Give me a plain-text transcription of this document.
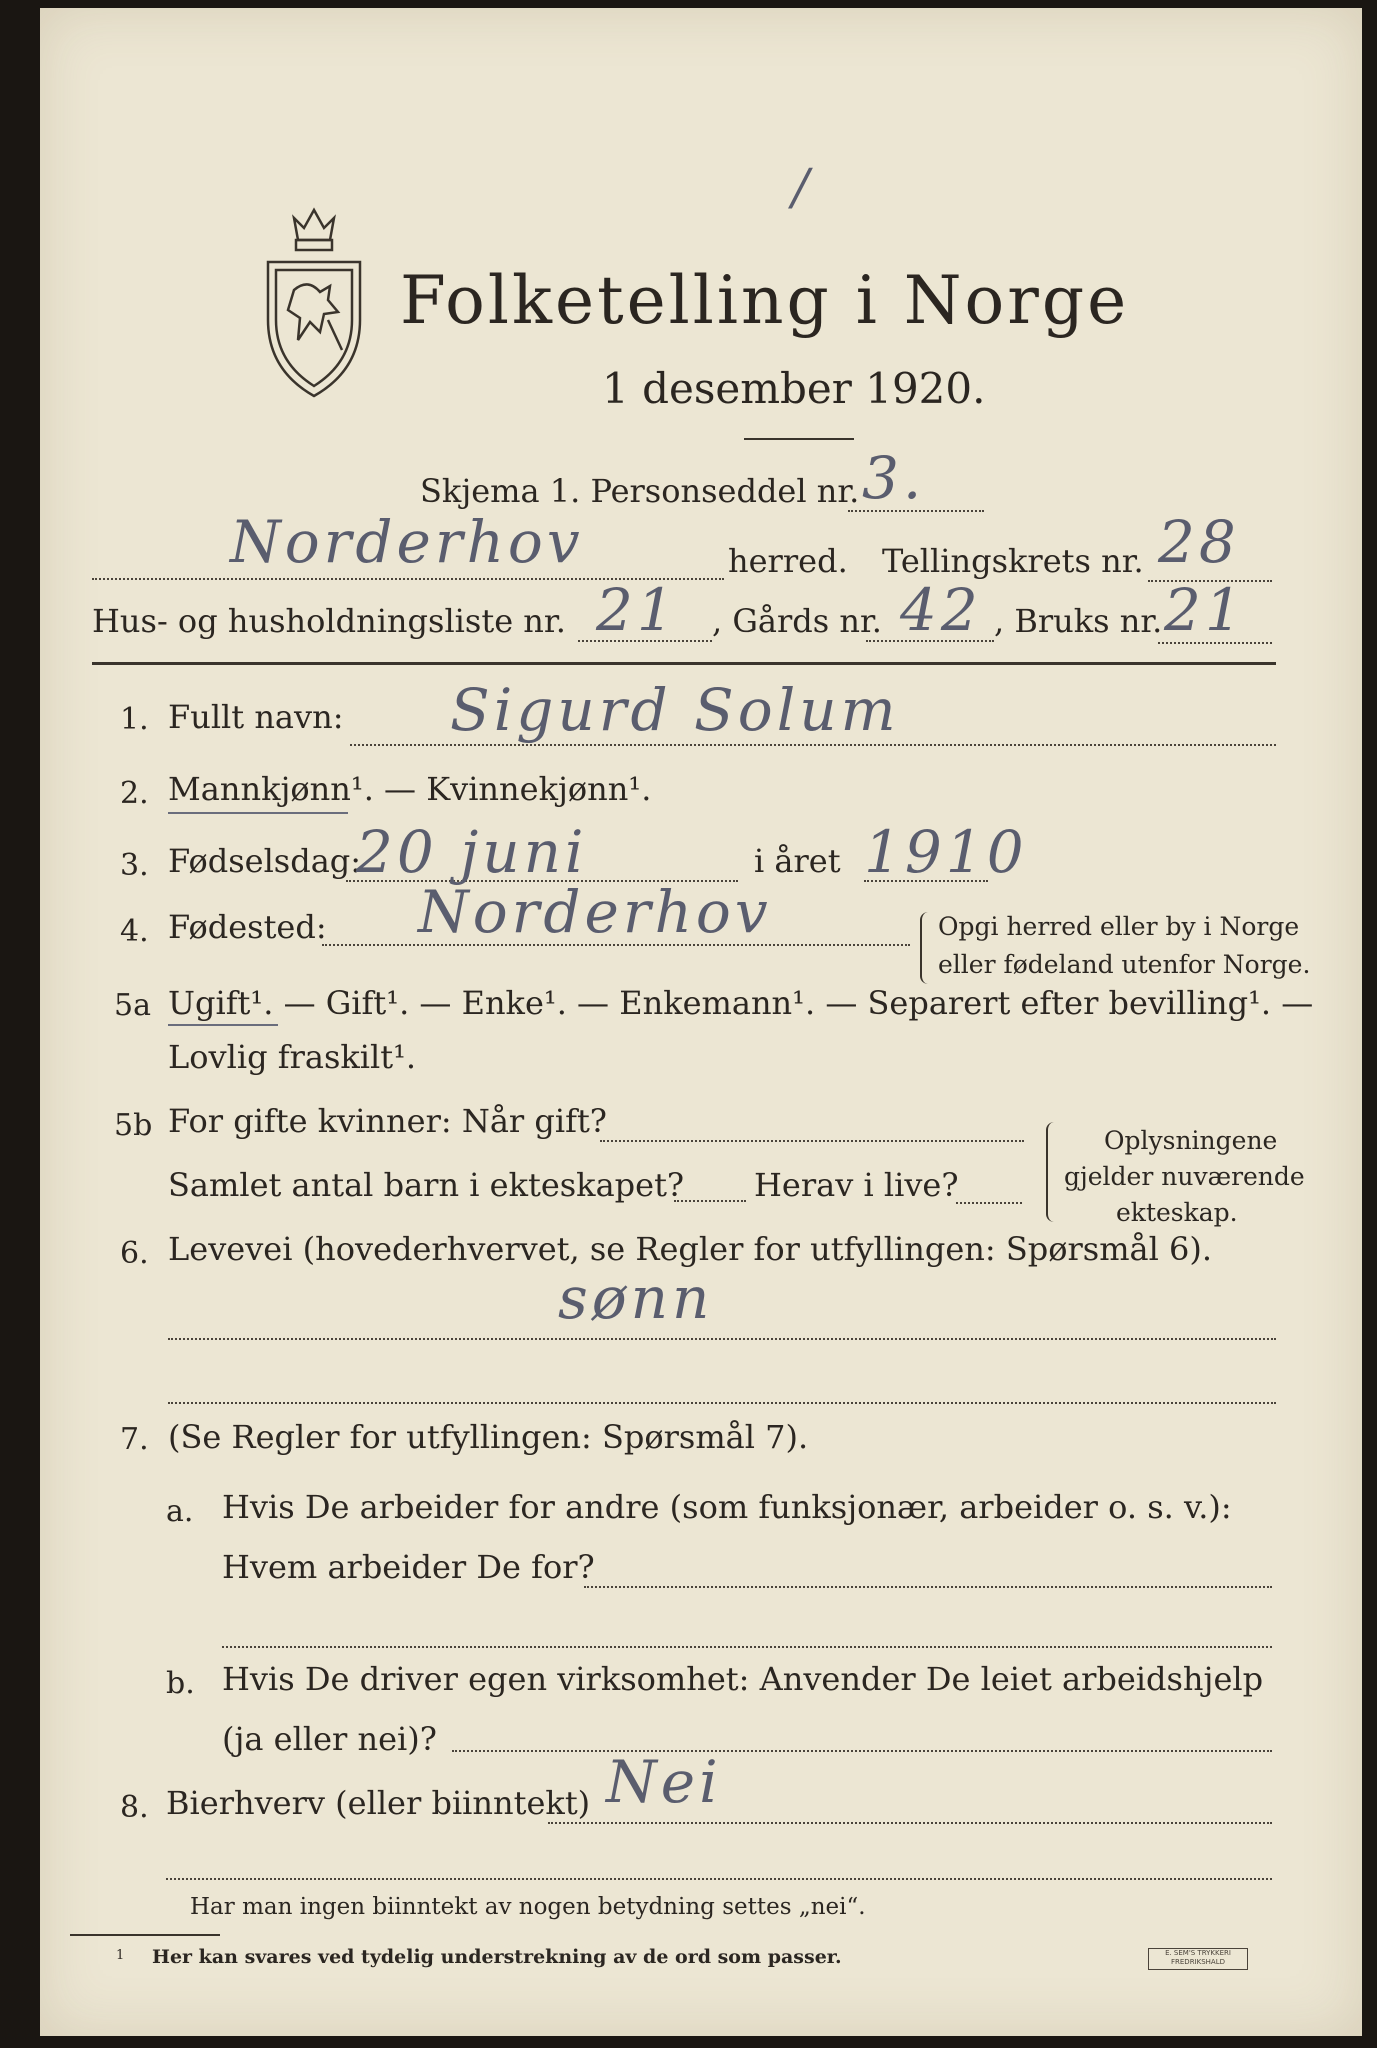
Folketelling i Norge
1 desember 1920.
/
Skjema 1. Personseddel nr. 3.
Norderhov	herred. Tellingskrets nr. 28
Hus- og husholdningsliste nr. 21 , Gårds nr. 42 , Bruks nr. 21
1. Fullt navn: Sigurd Solum
2. Mannkjønn¹. — Kvinnekjønn¹.
3. Fødselsdag:
20 juni	i året 1910
4. Fødested: Norderhov	Opgi herred eller by i Norge
eller fødeland utenfor Norge.
5a Ugift¹. — Gift¹. — Enke¹. — Enkemann¹. — Separert efter bevilling¹. —
Lovlig fraskilt¹.
5b For gifte kvinner: Når gift?
Samlet antal barn i ekteskapet? Herav i live?
Oplysningene
gjelder nuværende
ekteskap.
6. Levevei (hovederhvervet, se Regler for utfyllingen: Spørsmål 6).
sønn
7. (Se Regler for utfyllingen: Spørsmål 7).
a. Hvis De arbeider for andre (som funksjonær, arbeider o. s. v.):
Hvem arbeider De for?
b. Hvis De driver egen virksomhet: Anvender De leiet arbeidshjelp
(ja eller nei)?
8. Bierhverv (eller biinntekt) Nei
Har man ingen biinntekt av nogen betydning settes „nei“.
1 Her kan svares ved tydelig understrekning av de ord som passer.	E. SEM'S TRYKKERI
FREDRIKSHALD
